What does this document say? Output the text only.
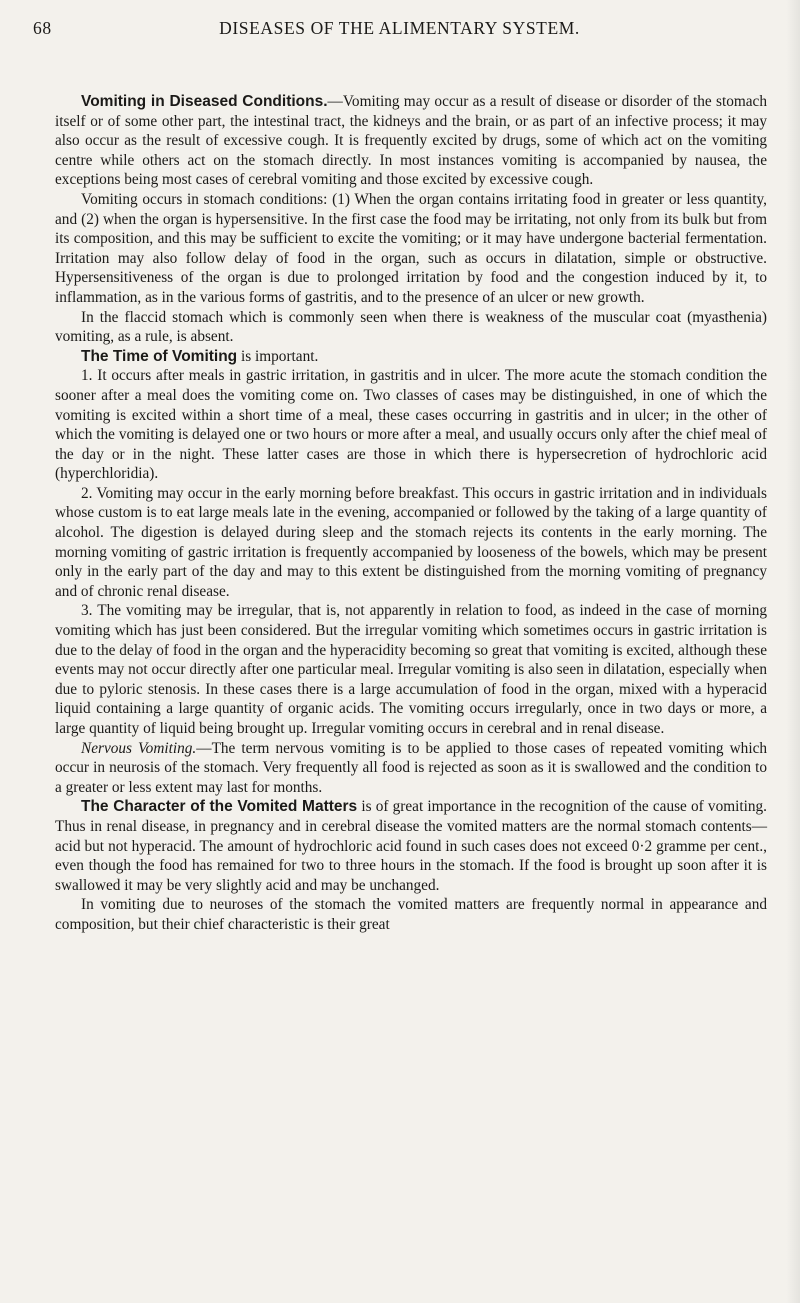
68	DISEASES OF THE ALIMENTARY SYSTEM.

Vomiting in Diseased Conditions.—Vomiting may occur as a result of disease or disorder of the stomach itself or of some other part, the intestinal tract, the kidneys and the brain, or as part of an infective process; it may also occur as the result of excessive cough. It is frequently excited by drugs, some of which act on the vomiting centre while others act on the stomach directly. In most instances vomiting is accompanied by nausea, the exceptions being most cases of cerebral vomiting and those excited by excessive cough.

Vomiting occurs in stomach conditions: (1) When the organ contains irritating food in greater or less quantity, and (2) when the organ is hypersensitive. In the first case the food may be irritating, not only from its bulk but from its composition, and this may be sufficient to excite the vomiting; or it may have undergone bacterial fermentation. Irritation may also follow delay of food in the organ, such as occurs in dilatation, simple or obstructive. Hypersensitiveness of the organ is due to prolonged irritation by food and the congestion induced by it, to inflammation, as in the various forms of gastritis, and to the presence of an ulcer or new growth.

In the flaccid stomach which is commonly seen when there is weakness of the muscular coat (myasthenia) vomiting, as a rule, is absent.

The Time of Vomiting is important.

1. It occurs after meals in gastric irritation, in gastritis and in ulcer. The more acute the stomach condition the sooner after a meal does the vomiting come on. Two classes of cases may be distinguished, in one of which the vomiting is excited within a short time of a meal, these cases occurring in gastritis and in ulcer; in the other of which the vomiting is delayed one or two hours or more after a meal, and usually occurs only after the chief meal of the day or in the night. These latter cases are those in which there is hypersecretion of hydrochloric acid (hyperchloridia).

2. Vomiting may occur in the early morning before breakfast. This occurs in gastric irritation and in individuals whose custom is to eat large meals late in the evening, accompanied or followed by the taking of a large quantity of alcohol. The digestion is delayed during sleep and the stomach rejects its contents in the early morning. The morning vomiting of gastric irritation is frequently accompanied by looseness of the bowels, which may be present only in the early part of the day and may to this extent be distinguished from the morning vomiting of pregnancy and of chronic renal disease.

3. The vomiting may be irregular, that is, not apparently in relation to food, as indeed in the case of morning vomiting which has just been considered. But the irregular vomiting which sometimes occurs in gastric irritation is due to the delay of food in the organ and the hyperacidity becoming so great that vomiting is excited, although these events may not occur directly after one particular meal. Irregular vomiting is also seen in dilatation, especially when due to pyloric stenosis. In these cases there is a large accumulation of food in the organ, mixed with a hyperacid liquid containing a large quantity of organic acids. The vomiting occurs irregularly, once in two days or more, a large quantity of liquid being brought up. Irregular vomiting occurs in cerebral and in renal disease.

Nervous Vomiting.—The term nervous vomiting is to be applied to those cases of repeated vomiting which occur in neurosis of the stomach. Very frequently all food is rejected as soon as it is swallowed and the condition to a greater or less extent may last for months.

The Character of the Vomited Matters is of great importance in the recognition of the cause of vomiting. Thus in renal disease, in pregnancy and in cerebral disease the vomited matters are the normal stomach contents—acid but not hyperacid. The amount of hydrochloric acid found in such cases does not exceed 0·2 gramme per cent., even though the food has remained for two to three hours in the stomach. If the food is brought up soon after it is swallowed it may be very slightly acid and may be unchanged.

In vomiting due to neuroses of the stomach the vomited matters are frequently normal in appearance and composition, but their chief characteristic is their great
